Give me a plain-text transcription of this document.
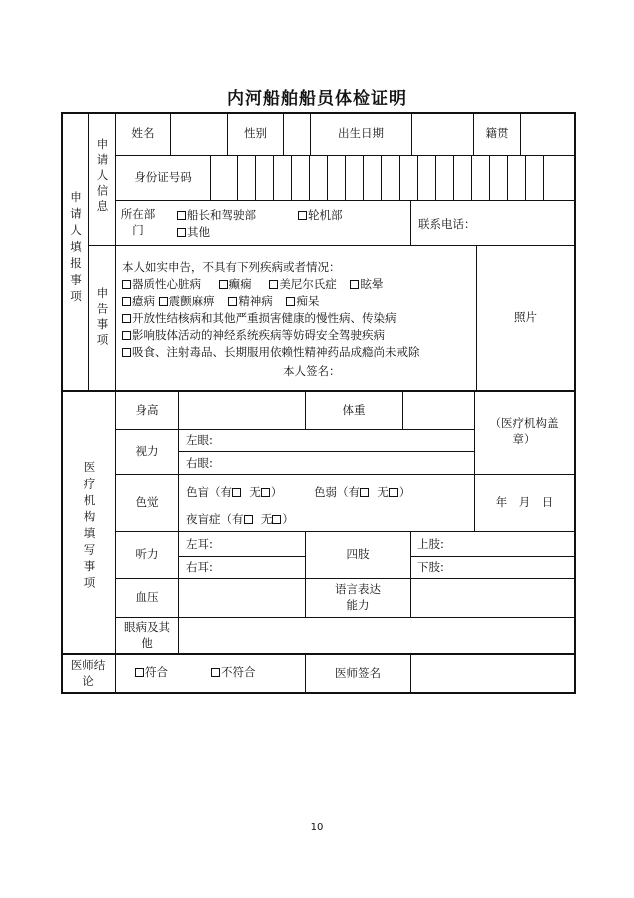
内河船舶船员体检证明
申请人填报事项
申请人信息
申告事项
姓名	性别	出生日期	籍贯
身份证号码
所在部门
船长和驾驶部	轮机部
其他
联系电话：
本人如实申告，不具有下列疾病或者情况：
器质性心脏病 癫痫 美尼尔氏症 眩晕
癔病 震颤麻痹 精神病 痴呆
开放性结核病和其他严重损害健康的慢性病、传染病
影响肢体活动的神经系统疾病等妨碍安全驾驶疾病
吸食、注射毒品、长期服用依赖性精神药品成瘾尚未戒除
本人签名：
照片
医疗机构填写事项
身高	体重
（医疗机构盖章）
视力
左眼:
右眼:
色觉
色盲（有 无 ）	色弱（有 无 ）
夜盲症（有 无 ）
年　月　日
听力
左耳:
右耳:
四肢
上肢:
下肢:
血压
语言表达能力
眼病及其他
医师结论
符合	不符合	医师签名
10
